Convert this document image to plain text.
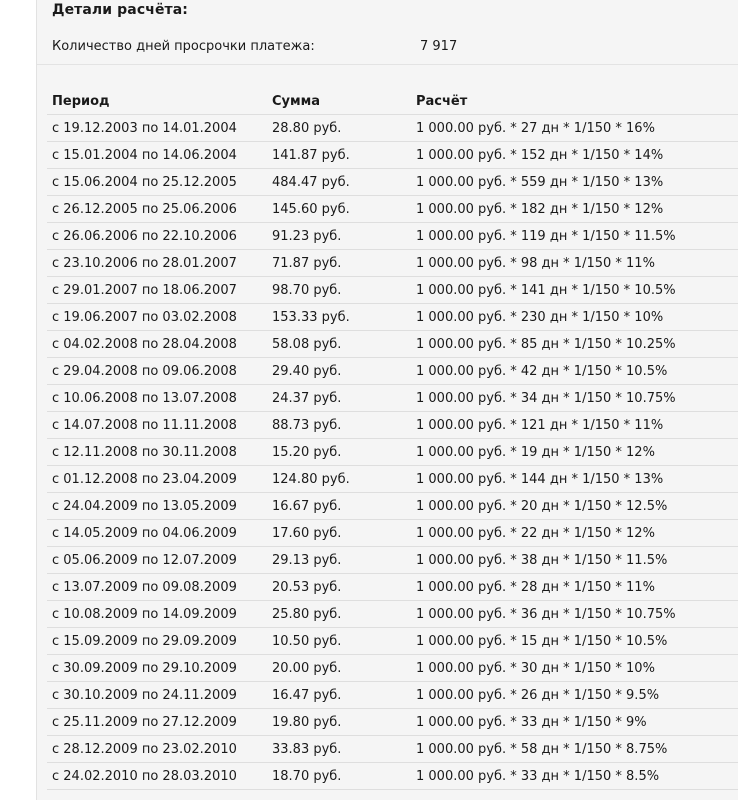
Детали расчёта:
Количество дней просрочки платежа:	7 917
Период	Сумма	Расчёт
с 19.12.2003 по 14.01.2004	28.80 руб.	1 000.00 руб. * 27 дн * 1/150 * 16%
с 15.01.2004 по 14.06.2004	141.87 руб.	1 000.00 руб. * 152 дн * 1/150 * 14%
с 15.06.2004 по 25.12.2005	484.47 руб.	1 000.00 руб. * 559 дн * 1/150 * 13%
с 26.12.2005 по 25.06.2006	145.60 руб.	1 000.00 руб. * 182 дн * 1/150 * 12%
с 26.06.2006 по 22.10.2006	91.23 руб.	1 000.00 руб. * 119 дн * 1/150 * 11.5%
с 23.10.2006 по 28.01.2007	71.87 руб.	1 000.00 руб. * 98 дн * 1/150 * 11%
с 29.01.2007 по 18.06.2007	98.70 руб.	1 000.00 руб. * 141 дн * 1/150 * 10.5%
с 19.06.2007 по 03.02.2008	153.33 руб.	1 000.00 руб. * 230 дн * 1/150 * 10%
с 04.02.2008 по 28.04.2008	58.08 руб.	1 000.00 руб. * 85 дн * 1/150 * 10.25%
с 29.04.2008 по 09.06.2008	29.40 руб.	1 000.00 руб. * 42 дн * 1/150 * 10.5%
с 10.06.2008 по 13.07.2008	24.37 руб.	1 000.00 руб. * 34 дн * 1/150 * 10.75%
с 14.07.2008 по 11.11.2008	88.73 руб.	1 000.00 руб. * 121 дн * 1/150 * 11%
с 12.11.2008 по 30.11.2008	15.20 руб.	1 000.00 руб. * 19 дн * 1/150 * 12%
с 01.12.2008 по 23.04.2009	124.80 руб.	1 000.00 руб. * 144 дн * 1/150 * 13%
с 24.04.2009 по 13.05.2009	16.67 руб.	1 000.00 руб. * 20 дн * 1/150 * 12.5%
с 14.05.2009 по 04.06.2009	17.60 руб.	1 000.00 руб. * 22 дн * 1/150 * 12%
с 05.06.2009 по 12.07.2009	29.13 руб.	1 000.00 руб. * 38 дн * 1/150 * 11.5%
с 13.07.2009 по 09.08.2009	20.53 руб.	1 000.00 руб. * 28 дн * 1/150 * 11%
с 10.08.2009 по 14.09.2009	25.80 руб.	1 000.00 руб. * 36 дн * 1/150 * 10.75%
с 15.09.2009 по 29.09.2009	10.50 руб.	1 000.00 руб. * 15 дн * 1/150 * 10.5%
с 30.09.2009 по 29.10.2009	20.00 руб.	1 000.00 руб. * 30 дн * 1/150 * 10%
с 30.10.2009 по 24.11.2009	16.47 руб.	1 000.00 руб. * 26 дн * 1/150 * 9.5%
с 25.11.2009 по 27.12.2009	19.80 руб.	1 000.00 руб. * 33 дн * 1/150 * 9%
с 28.12.2009 по 23.02.2010	33.83 руб.	1 000.00 руб. * 58 дн * 1/150 * 8.75%
с 24.02.2010 по 28.03.2010	18.70 руб.	1 000.00 руб. * 33 дн * 1/150 * 8.5%
